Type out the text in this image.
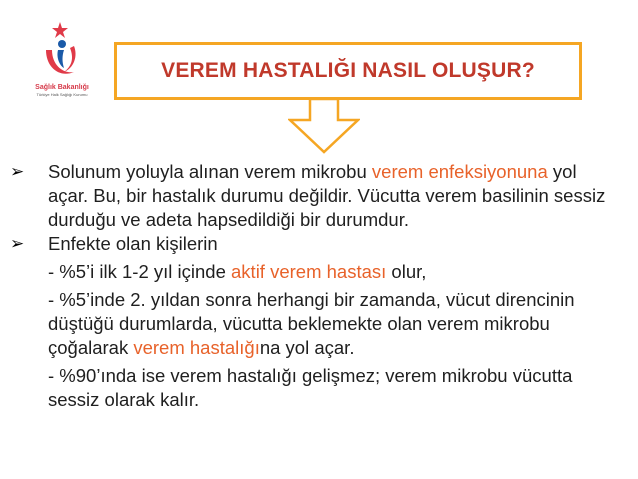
Sağlık Bakanlığı
Türkiye Halk Sağlığı Kurumu
VEREM HASTALIĞI NASIL OLUŞUR?
➢	Solunum yoluyla alınan verem mikrobu verem enfeksiyonuna yol açar. Bu, bir hastalık durumu değildir. Vücutta verem basilinin sessiz durduğu ve adeta hapsedildiği bir durumdur.
➢	Enfekte olan kişilerin
- %5’i ilk 1-2 yıl içinde aktif verem hastası olur,
- %5’inde 2. yıldan sonra herhangi bir zamanda, vücut direncinin düştüğü durumlarda, vücutta beklemekte olan verem mikrobu çoğalarak verem hastalığına yol açar.
- %90’ında ise verem hastalığı gelişmez; verem mikrobu vücutta sessiz olarak kalır.
